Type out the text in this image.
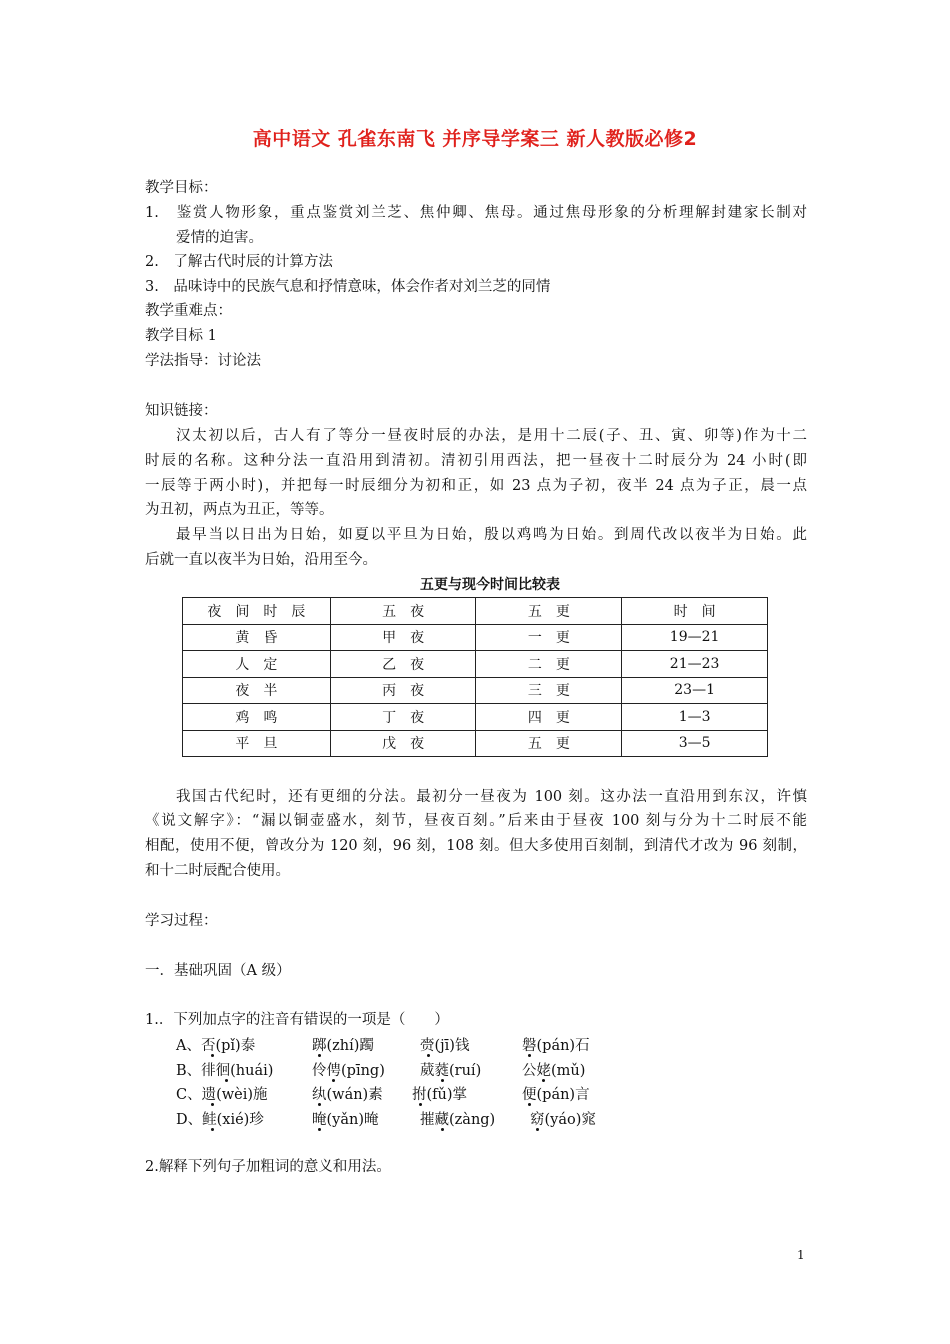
高中语文 孔雀东南飞 并序导学案三 新人教版必修2
教学目标：
1.　鉴赏人物形象，重点鉴赏刘兰芝、焦仲卿、焦母。通过焦母形象的分析理解封建家长制对
爱情的迫害。
2.　了解古代时辰的计算方法
3.　品味诗中的民族气息和抒情意味，体会作者对刘兰芝的同情
教学重难点：
教学目标 1
学法指导：讨论法
知识链接：
汉太初以后，古人有了等分一昼夜时辰的办法，是用十二辰(子、丑、寅、卯等)作为十二
时辰的名称。这种分法一直沿用到清初。清初引用西法，把一昼夜十二时辰分为 24 小时(即
一辰等于两小时)，并把每一时辰细分为初和正，如 23 点为子初，夜半 24 点为子正，晨一点
为丑初，两点为丑正，等等。
最早当以日出为日始，如夏以平旦为日始，殷以鸡鸣为日始。到周代改以夜半为日始。此
后就一直以夜半为日始，沿用至今。
五更与现今时间比较表
夜　间　时　辰	五　夜	五　更	时　间
黄　昏	甲　夜	一　更	19—21
人　定	乙　夜	二　更	21—23
夜　半	丙　夜	三　更	23—1
鸡　鸣	丁　夜	四　更	1—3
平　旦	戊　夜	五　更	3—5
我国古代纪时，还有更细的分法。最初分一昼夜为 100 刻。这办法一直沿用到东汉，许慎
《说文解字》：“漏以铜壶盛水，刻节，昼夜百刻。”后来由于昼夜 100 刻与分为十二时辰不能
相配，使用不便，曾改分为 120 刻，96 刻，108 刻。但大多使用百刻制，到清代才改为 96 刻制，
和十二时辰配合使用。
学习过程：
一．基础巩固（A 级）
1.．下列加点字的注音有错误的一项是（　　）
A、否(pǐ)泰	踯(zhí)躅	赍(jī)钱	磐(pán)石
B、徘徊(huái)	伶俜(pīng) 葳蕤(ruí)	公姥(mǔ)
C、遗(wèi)施	纨(wán)素 拊(fǔ)掌	便(pán)言
D、鲑(xié)珍	晻(yǎn)晻	摧藏(zàng) 窈(yáo)窕
2.解释下列句子加粗词的意义和用法。
1
